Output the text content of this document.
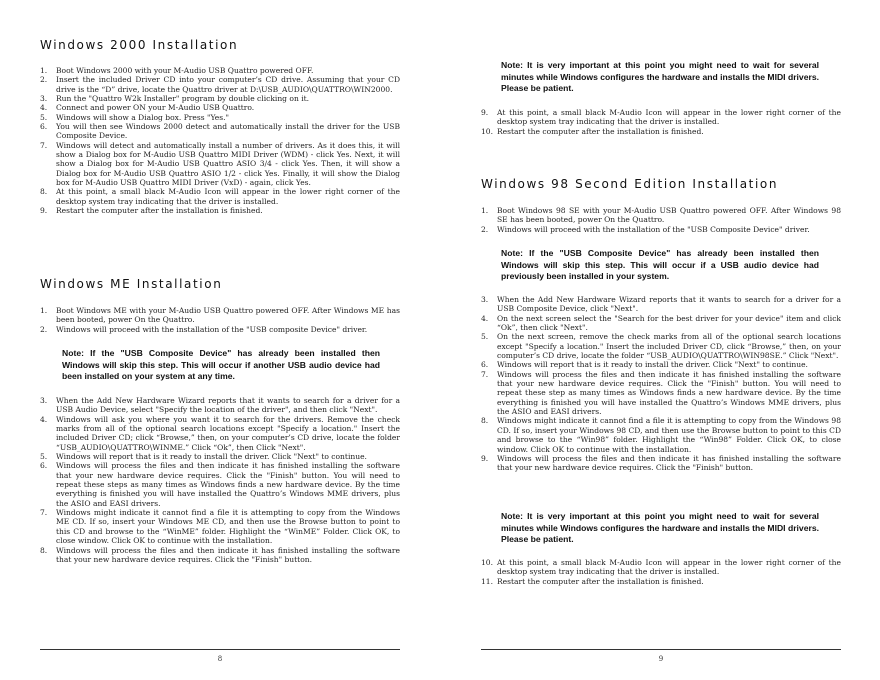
Windows 2000 Installation
1. Boot Windows 2000 with your M-Audio USB Quattro powered OFF.
2. Insert the included Driver CD into your computer’s CD drive. Assuming that your CD drive is the “D” drive, locate the Quattro driver at D:\USB_AUDIO\QUATTRO\WIN2000.
3. Run the "Quattro W2k Installer" program by double clicking on it.
4. Connect and power ON your M-Audio USB Quattro.
5. Windows will show a Dialog box. Press "Yes."
6. You will then see Windows 2000 detect and automatically install the driver for the USB Composite Device.
7. Windows will detect and automatically install a number of drivers. As it does this, it will show a Dialog box for M-Audio USB Quattro MIDI Driver (WDM) - click Yes. Next, it will show a Dialog box for M-Audio USB Quattro ASIO 3/4 - click Yes. Then, it will show a Dialog box for M-Audio USB Quattro ASIO 1/2 - click Yes. Finally, it will show the Dialog box for M-Audio USB Quattro MIDI Driver (VxD) - again, click Yes.
8. At this point, a small black M-Audio Icon will appear in the lower right corner of the desktop system tray indicating that the driver is installed.
9. Restart the computer after the installation is finished.
Windows ME Installation
1. Boot Windows ME with your M-Audio USB Quattro powered OFF. After Windows ME has been booted, power On the Quattro.
2. Windows will proceed with the installation of the "USB composite Device" driver.
Note: If the "USB Composite Device" has already been installed then Windows will skip this step. This will occur if another USB audio device had been installed on your system at any time.
3. When the Add New Hardware Wizard reports that it wants to search for a driver for a USB Audio Device, select "Specify the location of the driver", and then click "Next".
4. Windows will ask you where you want it to search for the drivers. Remove the check marks from all of the optional search locations except "Specify a location." Insert the included Driver CD; click “Browse,” then, on your computer’s CD drive, locate the folder “USB_AUDIO\QUATTRO\WINME.” Click “Ok”, then Click "Next".
5. Windows will report that is it ready to install the driver. Click "Next" to continue.
6. Windows will process the files and then indicate it has finished installing the software that your new hardware device requires. Click the "Finish" button. You will need to repeat these steps as many times as Windows finds a new hardware device. By the time everything is finished you will have installed the Quattro’s Windows MME drivers, plus the ASIO and EASI drivers.
7. Windows might indicate it cannot find a file it is attempting to copy from the Windows ME CD. If so, insert your Windows ME CD, and then use the Browse button to point to this CD and browse to the “WinME” folder. Highlight the “WinME” Folder. Click OK, to close window. Click OK to continue with the installation.
8. Windows will process the files and then indicate it has finished installing the software that your new hardware device requires. Click the "Finish" button.
8
Note: It is very important at this point you might need to wait for several minutes while Windows configures the hardware and installs the MIDI drivers. Please be patient.
9. At this point, a small black M-Audio Icon will appear in the lower right corner of the desktop system tray indicating that the driver is installed.
10. Restart the computer after the installation is finished.
Windows 98 Second Edition Installation
1. Boot Windows 98 SE with your M-Audio USB Quattro powered OFF. After Windows 98 SE has been booted, power On the Quattro.
2. Windows will proceed with the installation of the "USB Composite Device" driver.
Note: If the "USB Composite Device" has already been installed then Windows will skip this step. This will occur if a USB audio device had previously been installed in your system.
3. When the Add New Hardware Wizard reports that it wants to search for a driver for a USB Composite Device, click "Next".
4. On the next screen select the "Search for the best driver for your device" item and click “Ok”, then click "Next".
5. On the next screen, remove the check marks from all of the optional search locations except "Specify a location." Insert the included Driver CD, click “Browse,” then, on your computer’s CD drive, locate the folder “USB_AUDIO\QUATTRO\WIN98SE.” Click "Next".
6. Windows will report that is it ready to install the driver. Click "Next" to continue.
7. Windows will process the files and then indicate it has finished installing the software that your new hardware device requires. Click the "Finish" button. You will need to repeat these step as many times as Windows finds a new hardware device. By the time everything is finished you will have installed the Quattro’s Windows MME drivers, plus the ASIO and EASI drivers.
8. Windows might indicate it cannot find a file it is attempting to copy from the Windows 98 CD. If so, insert your Windows 98 CD, and then use the Browse button to point to this CD and browse to the “Win98” folder. Highlight the “Win98” Folder. Click OK, to close window. Click OK to continue with the installation.
9. Windows will process the files and then indicate it has finished installing the software that your new hardware device requires. Click the "Finish" button.
Note: It is very important at this point you might need to wait for several minutes while Windows configures the hardware and installs the MIDI drivers. Please be patient.
10. At this point, a small black M-Audio Icon will appear in the lower right corner of the desktop system tray indicating that the driver is installed.
11. Restart the computer after the installation is finished.
9
